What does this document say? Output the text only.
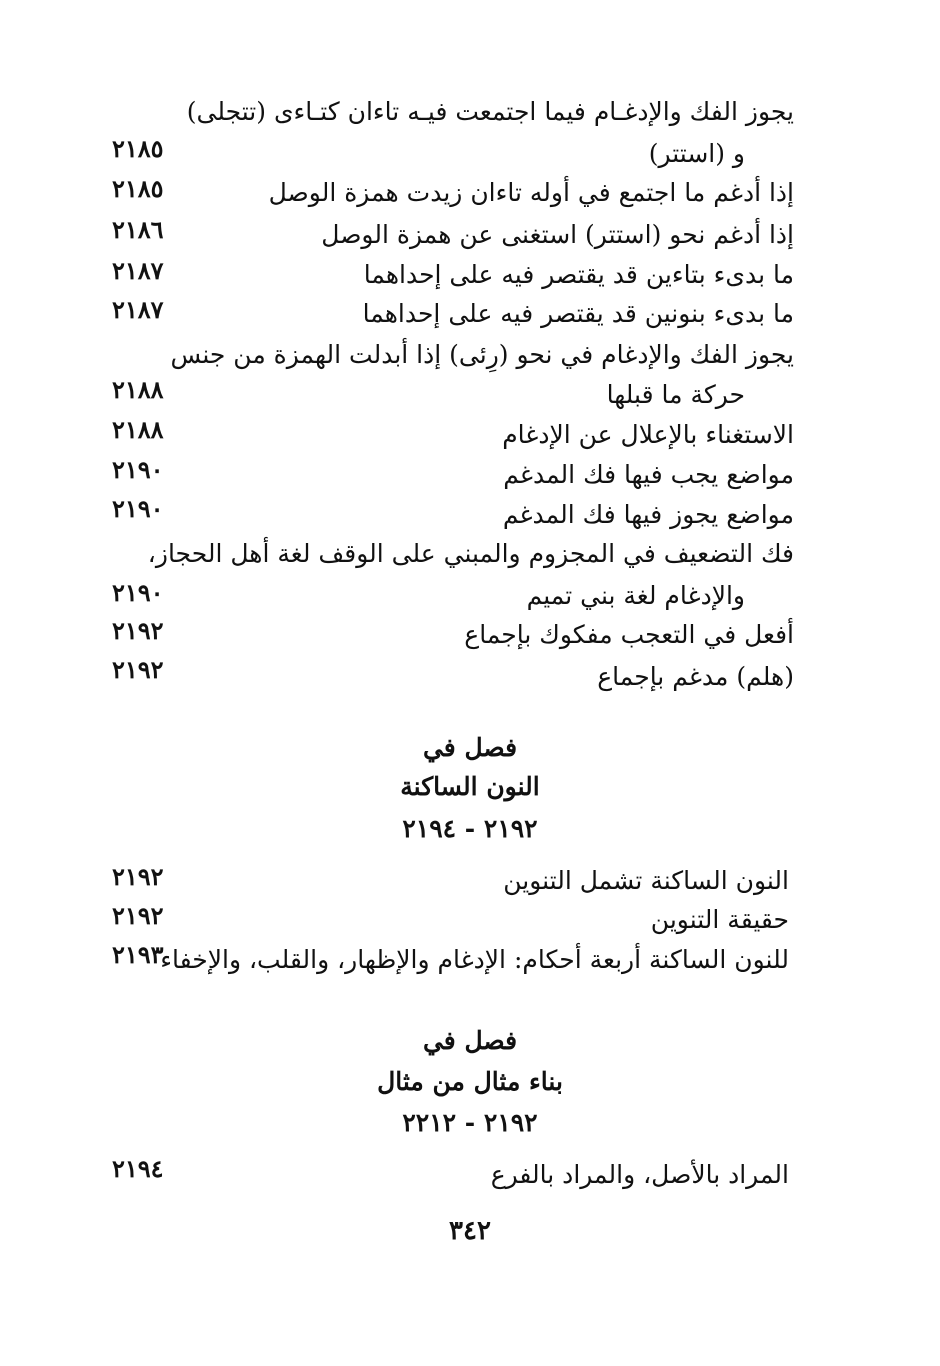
يجوز الفك والإدغـام فيما اجتمعت فيـه تاءان كتـاءى (تتجلى)
و (استتر)
٢١٨٥
إذا أدغم ما اجتمع في أوله تاءان زيدت همزة الوصل
٢١٨٥
إذا أدغم نحو (استتر) استغنى عن همزة الوصل
٢١٨٦
ما بدىء بتاءين قد يقتصر فيه على إحداهما
٢١٨٧
ما بدىء بنونين قد يقتصر فيه على إحداهما
٢١٨٧
يجوز الفك والإدغام في نحو (رِئى) إذا أبدلت الهمزة من جنس
حركة ما قبلها
٢١٨٨
الاستغناء بالإعلال عن الإدغام
٢١٨٨
مواضع يجب فيها فك المدغم
٢١٩٠
مواضع يجوز فيها فك المدغم
٢١٩٠
فك التضعيف في المجزوم والمبني على الوقف لغة أهل الحجاز،
والإدغام لغة بني تميم
٢١٩٠
أفعل في التعجب مفكوك بإجماع
٢١٩٢
(هلم) مدغم بإجماع
٢١٩٢
فصل في
النون الساكنة
٢١٩٢ - ٢١٩٤
النون الساكنة تشمل التنوين
٢١٩٢
حقيقة التنوين
٢١٩٢
للنون الساكنة أربعة أحكام: الإدغام والإظهار، والقلب، والإخفاء
٢١٩٣
فصل في
بناء مثال من مثال
٢١٩٢ - ٢٢١٢
المراد بالأصل، والمراد بالفرع
٢١٩٤
٣٤٢
